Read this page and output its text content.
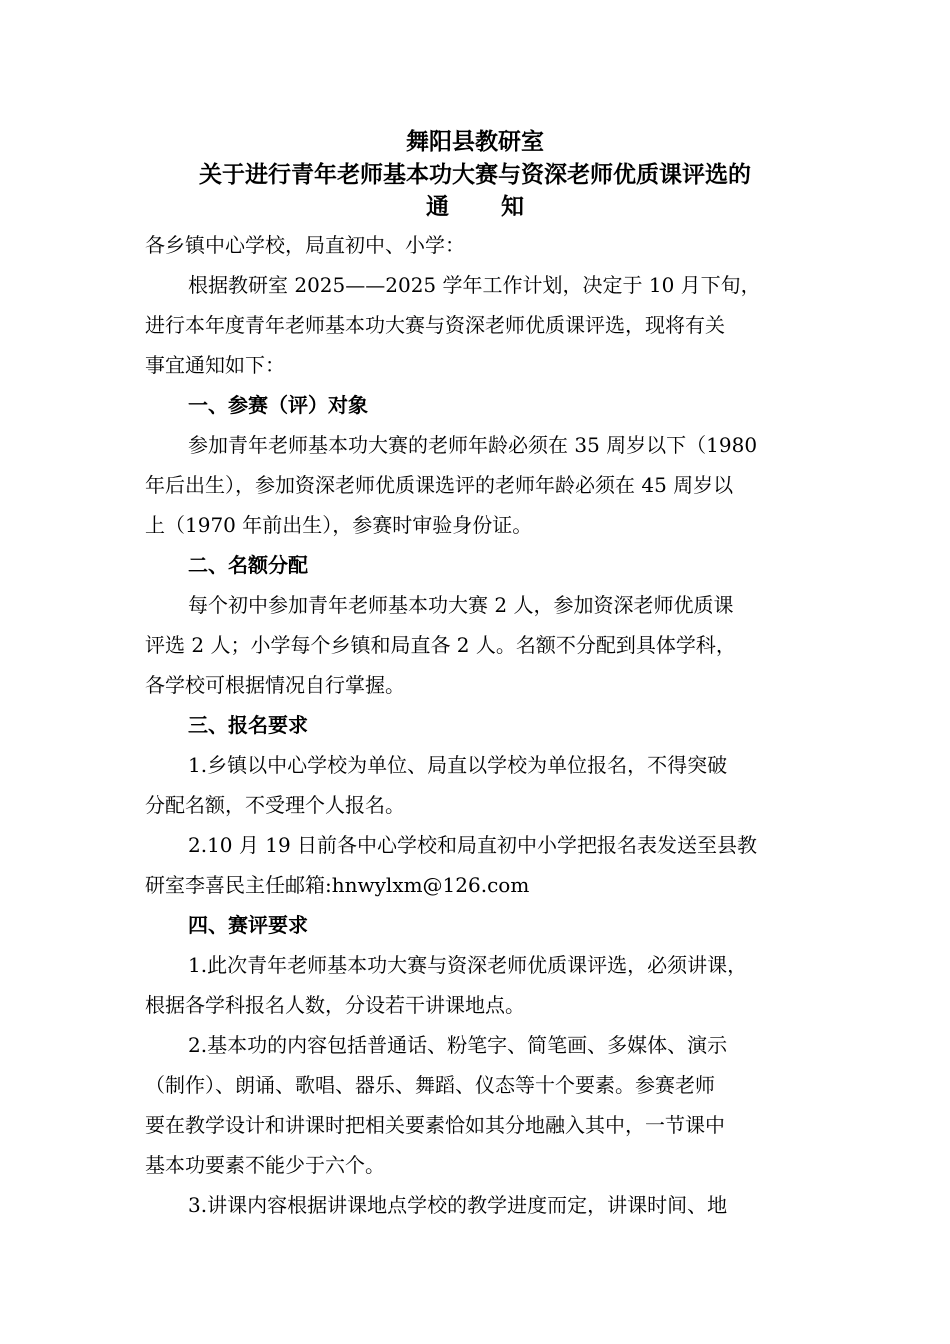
舞阳县教研室
关于进行青年老师基本功大赛与资深老师优质课评选的
通 知
各乡镇中心学校，局直初中、小学：
根据教研室 2025——2025 学年工作计划，决定于 10 月下旬，
进行本年度青年老师基本功大赛与资深老师优质课评选，现将有关
事宜通知如下：
一、参赛（评）对象
参加青年老师基本功大赛的老师年龄必须在 35 周岁以下（1980
年后出生），参加资深老师优质课选评的老师年龄必须在 45 周岁以
上（1970 年前出生），参赛时审验身份证。
二、名额分配
每个初中参加青年老师基本功大赛 2 人，参加资深老师优质课
评选 2 人；小学每个乡镇和局直各 2 人。名额不分配到具体学科，
各学校可根据情况自行掌握。
三、报名要求
1.乡镇以中心学校为单位、局直以学校为单位报名，不得突破
分配名额，不受理个人报名。
2.10 月 19 日前各中心学校和局直初中小学把报名表发送至县教
研室李喜民主任邮箱:hnwylxm@126.com
四、赛评要求
1.此次青年老师基本功大赛与资深老师优质课评选，必须讲课，
根据各学科报名人数，分设若干讲课地点。
2.基本功的内容包括普通话、粉笔字、简笔画、多媒体、演示
（制作）、朗诵、歌唱、器乐、舞蹈、仪态等十个要素。参赛老师
要在教学设计和讲课时把相关要素恰如其分地融入其中，一节课中
基本功要素不能少于六个。
3.讲课内容根据讲课地点学校的教学进度而定，讲课时间、地
